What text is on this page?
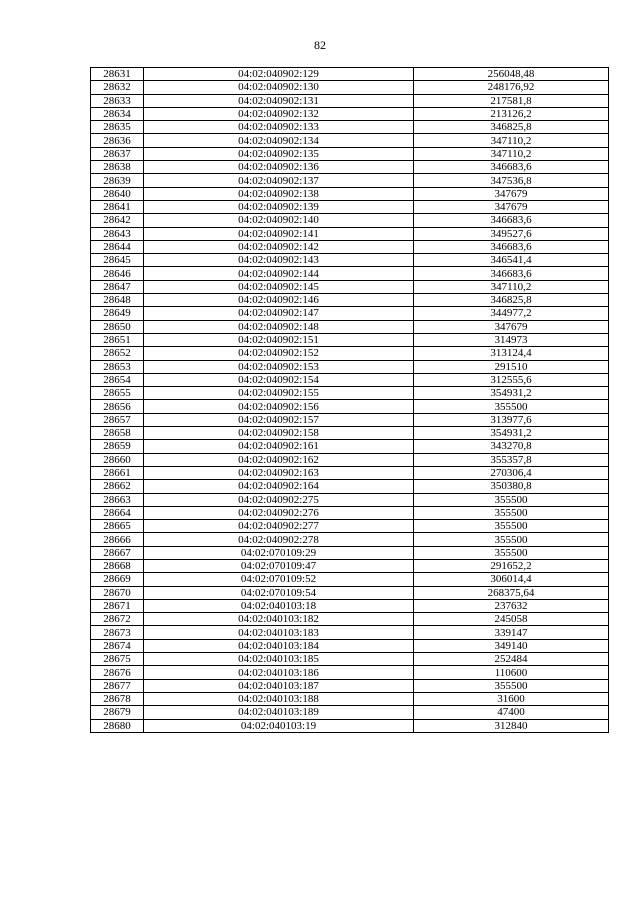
82
28631	04:02:040902:129	256048,48
28632	04:02:040902:130	248176,92
28633	04:02:040902:131	217581,8
28634	04:02:040902:132	213126,2
28635	04:02:040902:133	346825,8
28636	04:02:040902:134	347110,2
28637	04:02:040902:135	347110,2
28638	04:02:040902:136	346683,6
28639	04:02:040902:137	347536,8
28640	04:02:040902:138	347679
28641	04:02:040902:139	347679
28642	04:02:040902:140	346683,6
28643	04:02:040902:141	349527,6
28644	04:02:040902:142	346683,6
28645	04:02:040902:143	346541,4
28646	04:02:040902:144	346683,6
28647	04:02:040902:145	347110,2
28648	04:02:040902:146	346825,8
28649	04:02:040902:147	344977,2
28650	04:02:040902:148	347679
28651	04:02:040902:151	314973
28652	04:02:040902:152	313124,4
28653	04:02:040902:153	291510
28654	04:02:040902:154	312555,6
28655	04:02:040902:155	354931,2
28656	04:02:040902:156	355500
28657	04:02:040902:157	313977,6
28658	04:02:040902:158	354931,2
28659	04:02:040902:161	343270,8
28660	04:02:040902:162	355357,8
28661	04:02:040902:163	270306,4
28662	04:02:040902:164	350380,8
28663	04:02:040902:275	355500
28664	04:02:040902:276	355500
28665	04:02:040902:277	355500
28666	04:02:040902:278	355500
28667	04:02:070109:29	355500
28668	04:02:070109:47	291652,2
28669	04:02:070109:52	306014,4
28670	04:02:070109:54	268375,64
28671	04:02:040103:18	237632
28672	04:02:040103:182	245058
28673	04:02:040103:183	339147
28674	04:02:040103:184	349140
28675	04:02:040103:185	252484
28676	04:02:040103:186	110600
28677	04:02:040103:187	355500
28678	04:02:040103:188	31600
28679	04:02:040103:189	47400
28680	04:02:040103:19	312840
